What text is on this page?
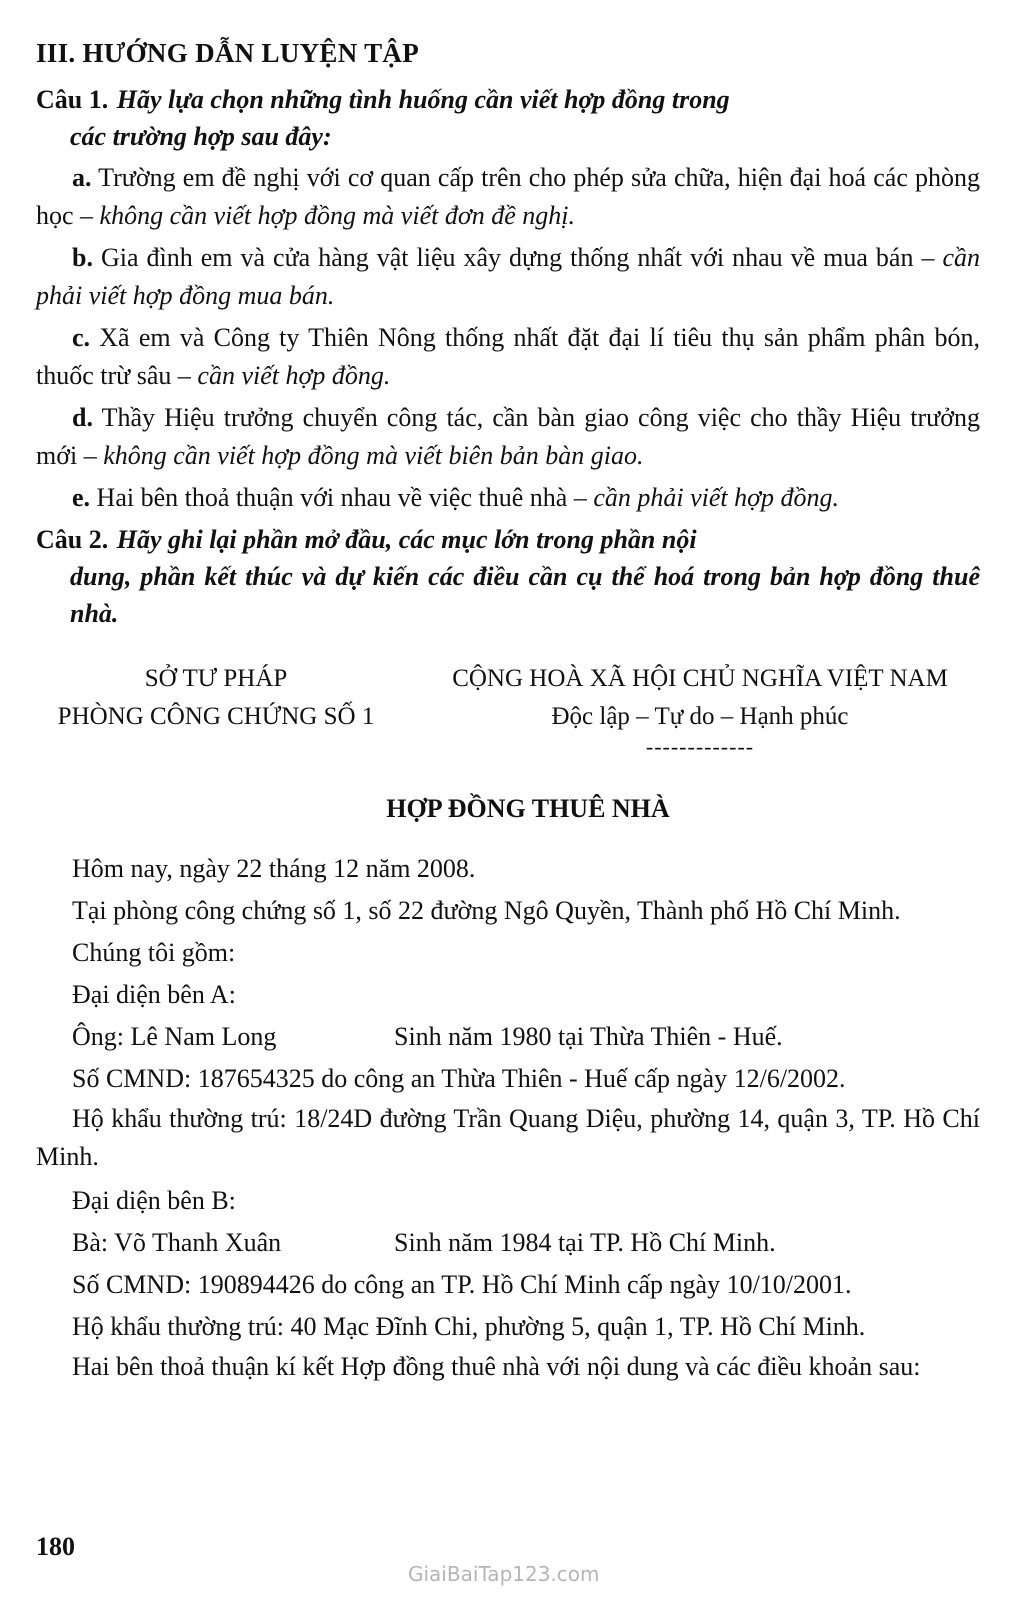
III. HƯỚNG DẪN LUYỆN TẬP
Câu 1. Hãy lựa chọn những tình huống cần viết hợp đồng trong
các trường hợp sau đây:

a. Trường em đề nghị với cơ quan cấp trên cho phép sửa chữa, hiện đại hoá các phòng học – không cần viết hợp đồng mà viết đơn đề nghị.

b. Gia đình em và cửa hàng vật liệu xây dựng thống nhất với nhau về mua bán – cần phải viết hợp đồng mua bán.

c. Xã em và Công ty Thiên Nông thống nhất đặt đại lí tiêu thụ sản phẩm phân bón, thuốc trừ sâu – cần viết hợp đồng.

d. Thầy Hiệu trưởng chuyển công tác, cần bàn giao công việc cho thầy Hiệu trưởng mới – không cần viết hợp đồng mà viết biên bản bàn giao.

e. Hai bên thoả thuận với nhau về việc thuê nhà – cần phải viết hợp đồng.

Câu 2. Hãy ghi lại phần mở đầu, các mục lớn trong phần nội
dung, phần kết thúc và dự kiến các điều cần cụ thể hoá trong bản hợp đồng thuê nhà.
SỞ TƯ PHÁP
PHÒNG CÔNG CHỨNG SỐ 1
CỘNG HOÀ XÃ HỘI CHỦ NGHĨA VIỆT NAM
Độc lập – Tự do – Hạnh phúc
-------------
HỢP ĐỒNG THUÊ NHÀ
Hôm nay, ngày 22 tháng 12 năm 2008.
Tại phòng công chứng số 1, số 22 đường Ngô Quyền, Thành phố Hồ Chí Minh.
Chúng tôi gồm:
Đại diện bên A:
Ông: Lê Nam Long	Sinh năm 1980 tại Thừa Thiên - Huế.
Số CMND: 187654325 do công an Thừa Thiên - Huế cấp ngày 12/6/2002.
Hộ khẩu thường trú: 18/24D đường Trần Quang Diệu, phường 14, quận 3, TP. Hồ Chí Minh.
Đại diện bên B:
Bà: Võ Thanh Xuân	Sinh năm 1984 tại TP. Hồ Chí Minh.
Số CMND: 190894426 do công an TP. Hồ Chí Minh cấp ngày 10/10/2001.
Hộ khẩu thường trú: 40 Mạc Đĩnh Chi, phường 5, quận 1, TP. Hồ Chí Minh.
Hai bên thoả thuận kí kết Hợp đồng thuê nhà với nội dung và các điều khoản sau:
180
GiaiBaiTap123.com
